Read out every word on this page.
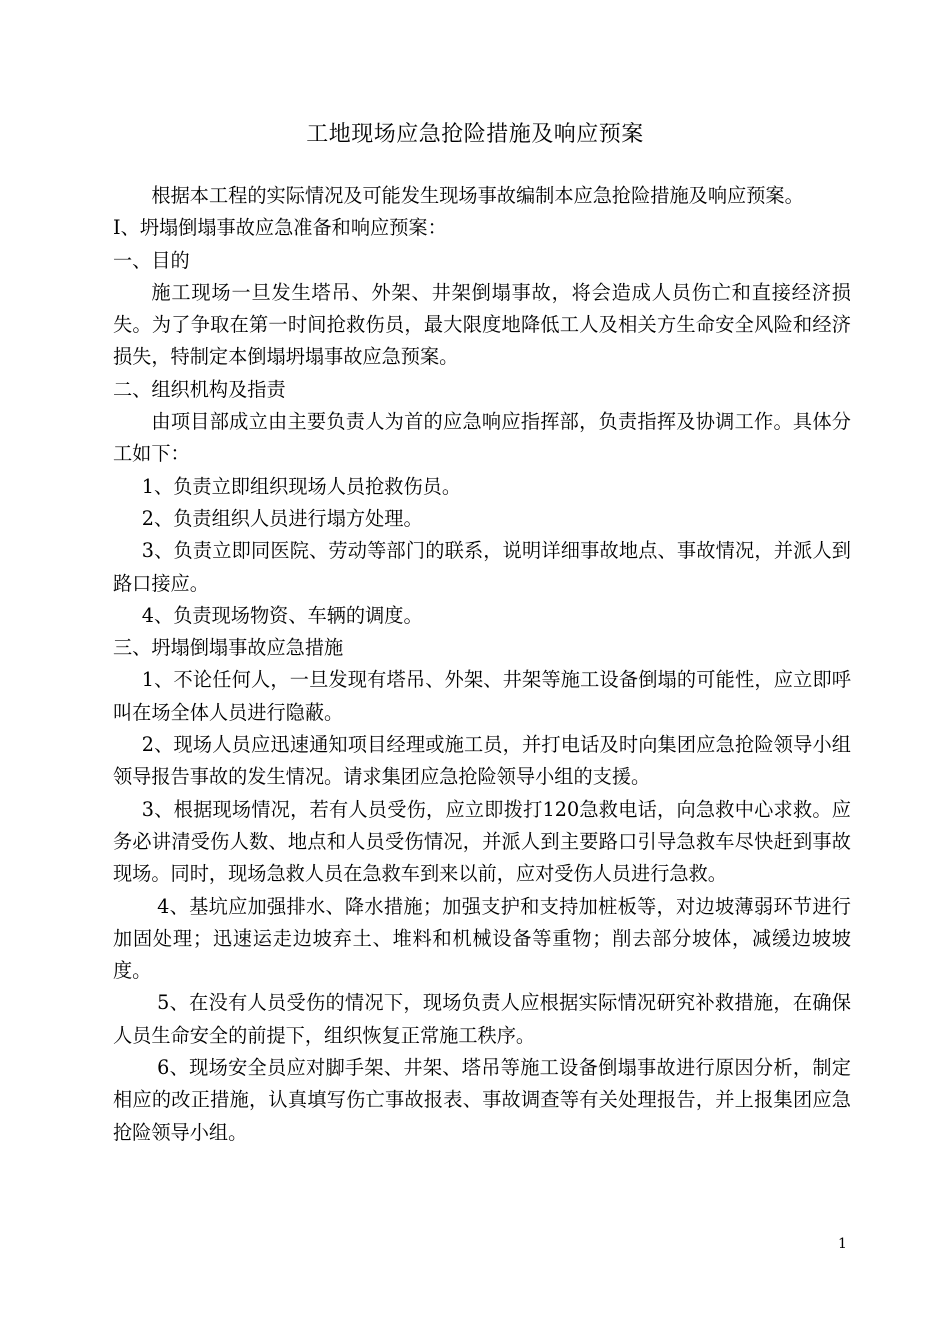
工地现场应急抢险措施及响应预案

根据本工程的实际情况及可能发生现场事故编制本应急抢险措施及响应预案。

Ⅰ、坍塌倒塌事故应急准备和响应预案：

一、目的

施工现场一旦发生塔吊、外架、井架倒塌事故，将会造成人员伤亡和直接经济损失。为了争取在第一时间抢救伤员，最大限度地降低工人及相关方生命安全风险和经济损失，特制定本倒塌坍塌事故应急预案。

二、组织机构及指责

由项目部成立由主要负责人为首的应急响应指挥部，负责指挥及协调工作。具体分工如下：

1、负责立即组织现场人员抢救伤员。

2、负责组织人员进行塌方处理。

3、负责立即同医院、劳动等部门的联系，说明详细事故地点、事故情况，并派人到路口接应。

4、负责现场物资、车辆的调度。

三、坍塌倒塌事故应急措施

1、不论任何人，一旦发现有塔吊、外架、井架等施工设备倒塌的可能性，应立即呼叫在场全体人员进行隐蔽。

2、现场人员应迅速通知项目经理或施工员，并打电话及时向集团应急抢险领导小组领导报告事故的发生情况。请求集团应急抢险领导小组的支援。

3、根据现场情况，若有人员受伤，应立即拨打120急救电话，向急救中心求救。应务必讲清受伤人数、地点和人员受伤情况，并派人到主要路口引导急救车尽快赶到事故现场。同时，现场急救人员在急救车到来以前，应对受伤人员进行急救。

4、基坑应加强排水、降水措施；加强支护和支持加桩板等，对边坡薄弱环节进行加固处理；迅速运走边坡弃土、堆料和机械设备等重物；削去部分坡体，减缓边坡坡度。

5、在没有人员受伤的情况下，现场负责人应根据实际情况研究补救措施，在确保人员生命安全的前提下，组织恢复正常施工秩序。

6、现场安全员应对脚手架、井架、塔吊等施工设备倒塌事故进行原因分析，制定相应的改正措施，认真填写伤亡事故报表、事故调查等有关处理报告，并上报集团应急抢险领导小组。

1
